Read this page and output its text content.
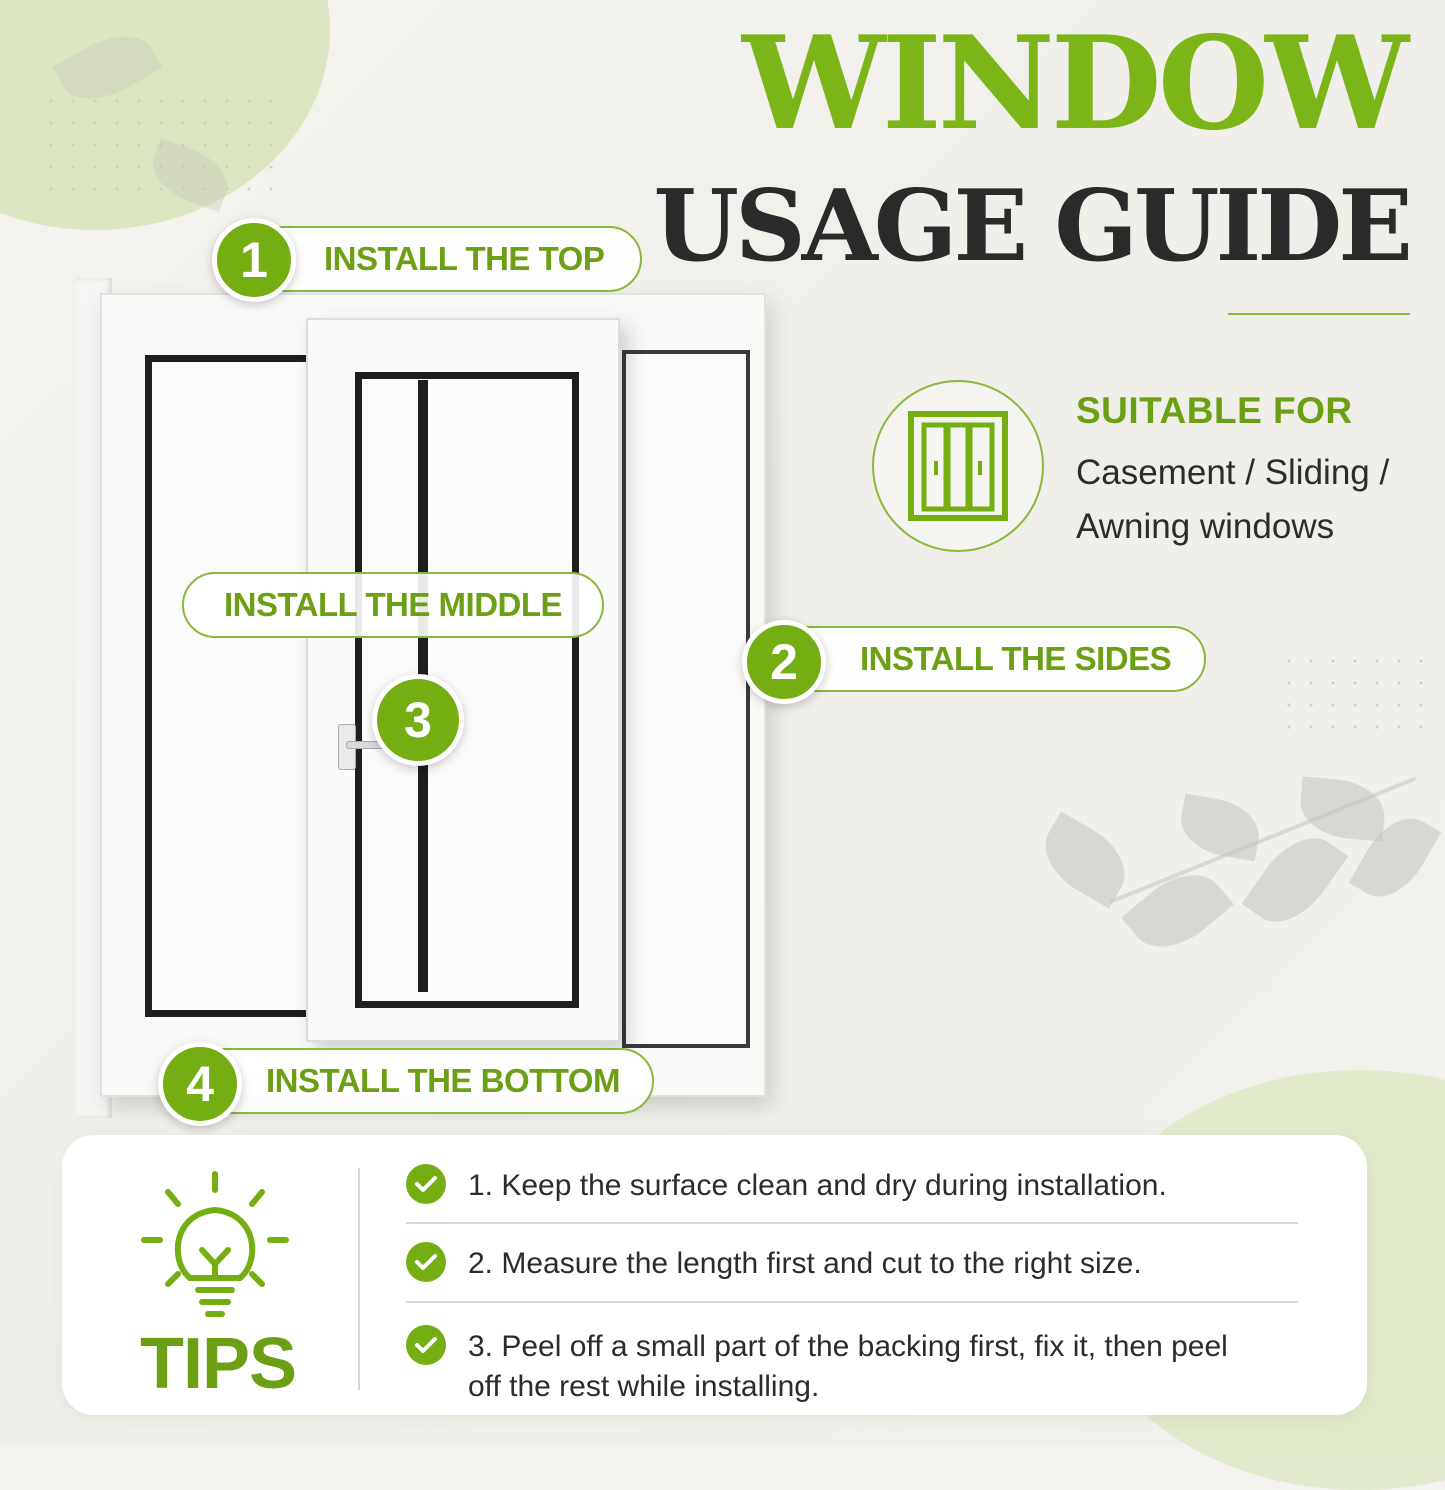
WINDOW
USAGE GUIDE
INSTALL THE TOP
1
INSTALL THE SIDES
2
INSTALL THE MIDDLE
3
INSTALL THE BOTTOM
4
SUITABLE FOR
Casement / Sliding / Awning windows
TIPS
1. Keep the surface clean and dry during installation.
2. Measure the length first and cut to the right size.
3. Peel off a small part of the backing first, fix it, then peel off the rest while installing.
